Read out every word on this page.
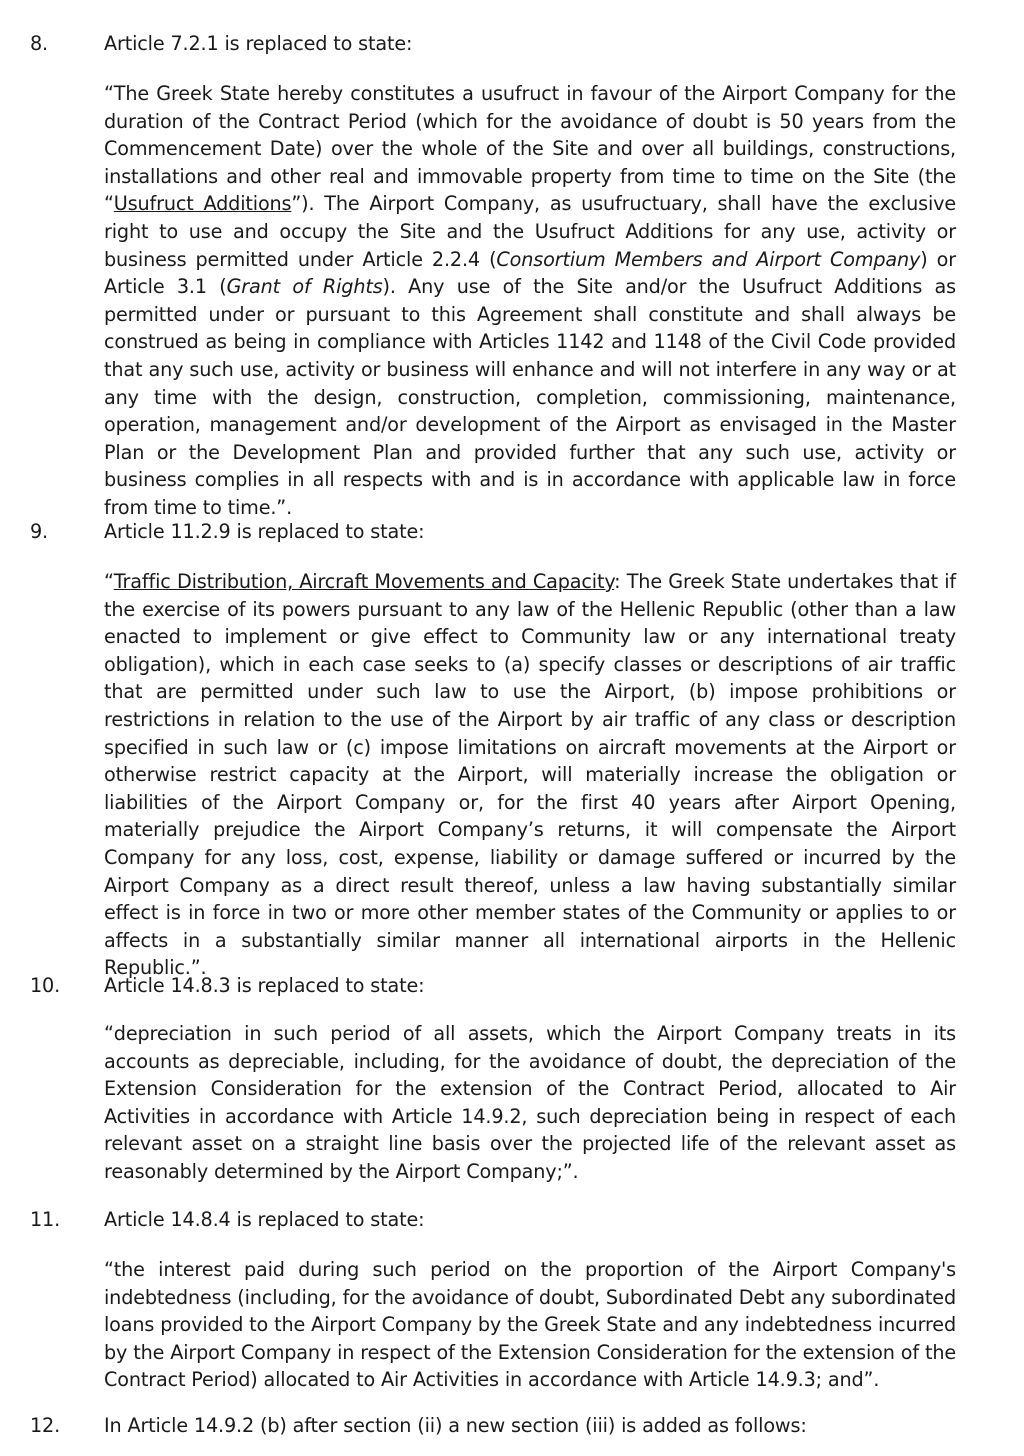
8.	Article 7.2.1 is replaced to state:

“The Greek State hereby constitutes a usufruct in favour of the Airport Company for the duration of the Contract Period (which for the avoidance of doubt is 50 years from the Commencement Date) over the whole of the Site and over all buildings, constructions, installations and other real and immovable property from time to time on the Site (the “Usufruct Additions”). The Airport Company, as usufructuary, shall have the exclusive right to use and occupy the Site and the Usufruct Additions for any use, activity or business permitted under Article 2.2.4 (Consortium Members and Airport Company) or Article 3.1 (Grant of Rights). Any use of the Site and/or the Usufruct Additions as permitted under or pursuant to this Agreement shall constitute and shall always be construed as being in compliance with Articles 1142 and 1148 of the Civil Code provided that any such use, activity or business will enhance and will not interfere in any way or at any time with the design, construction, completion, commissioning, maintenance, operation, management and/or development of the Airport as envisaged in the Master Plan or the Development Plan and provided further that any such use, activity or business complies in all respects with and is in accordance with applicable law in force from time to time.”.

9.	Article 11.2.9 is replaced to state:

“Traffic Distribution, Aircraft Movements and Capacity: The Greek State undertakes that if the exercise of its powers pursuant to any law of the Hellenic Republic (other than a law enacted to implement or give effect to Community law or any international treaty obligation), which in each case seeks to (a) specify classes or descriptions of air traffic that are permitted under such law to use the Airport, (b) impose prohibitions or restrictions in relation to the use of the Airport by air traffic of any class or description specified in such law or (c) impose limitations on aircraft movements at the Airport or otherwise restrict capacity at the Airport, will materially increase the obligation or liabilities of the Airport Company or, for the first 40 years after Airport Opening, materially prejudice the Airport Company’s returns, it will compensate the Airport Company for any loss, cost, expense, liability or damage suffered or incurred by the Airport Company as a direct result thereof, unless a law having substantially similar effect is in force in two or more other member states of the Community or applies to or affects in a substantially similar manner all international airports in the Hellenic Republic.”.

10. Article 14.8.3 is replaced to state:

“depreciation in such period of all assets, which the Airport Company treats in its accounts as depreciable, including, for the avoidance of doubt, the depreciation of the Extension Consideration for the extension of the Contract Period, allocated to Air Activities in accordance with Article 14.9.2, such depreciation being in respect of each relevant asset on a straight line basis over the projected life of the relevant asset as reasonably determined by the Airport Company;”.

11. Article 14.8.4 is replaced to state:

“the interest paid during such period on the proportion of the Airport Company's indebtedness (including, for the avoidance of doubt, Subordinated Debt any subordinated loans provided to the Airport Company by the Greek State and any indebtedness incurred by the Airport Company in respect of the Extension Consideration for the extension of the Contract Period) allocated to Air Activities in accordance with Article 14.9.3; and”.

12. In Article 14.9.2 (b) after section (ii) a new section (iii) is added as follows:
